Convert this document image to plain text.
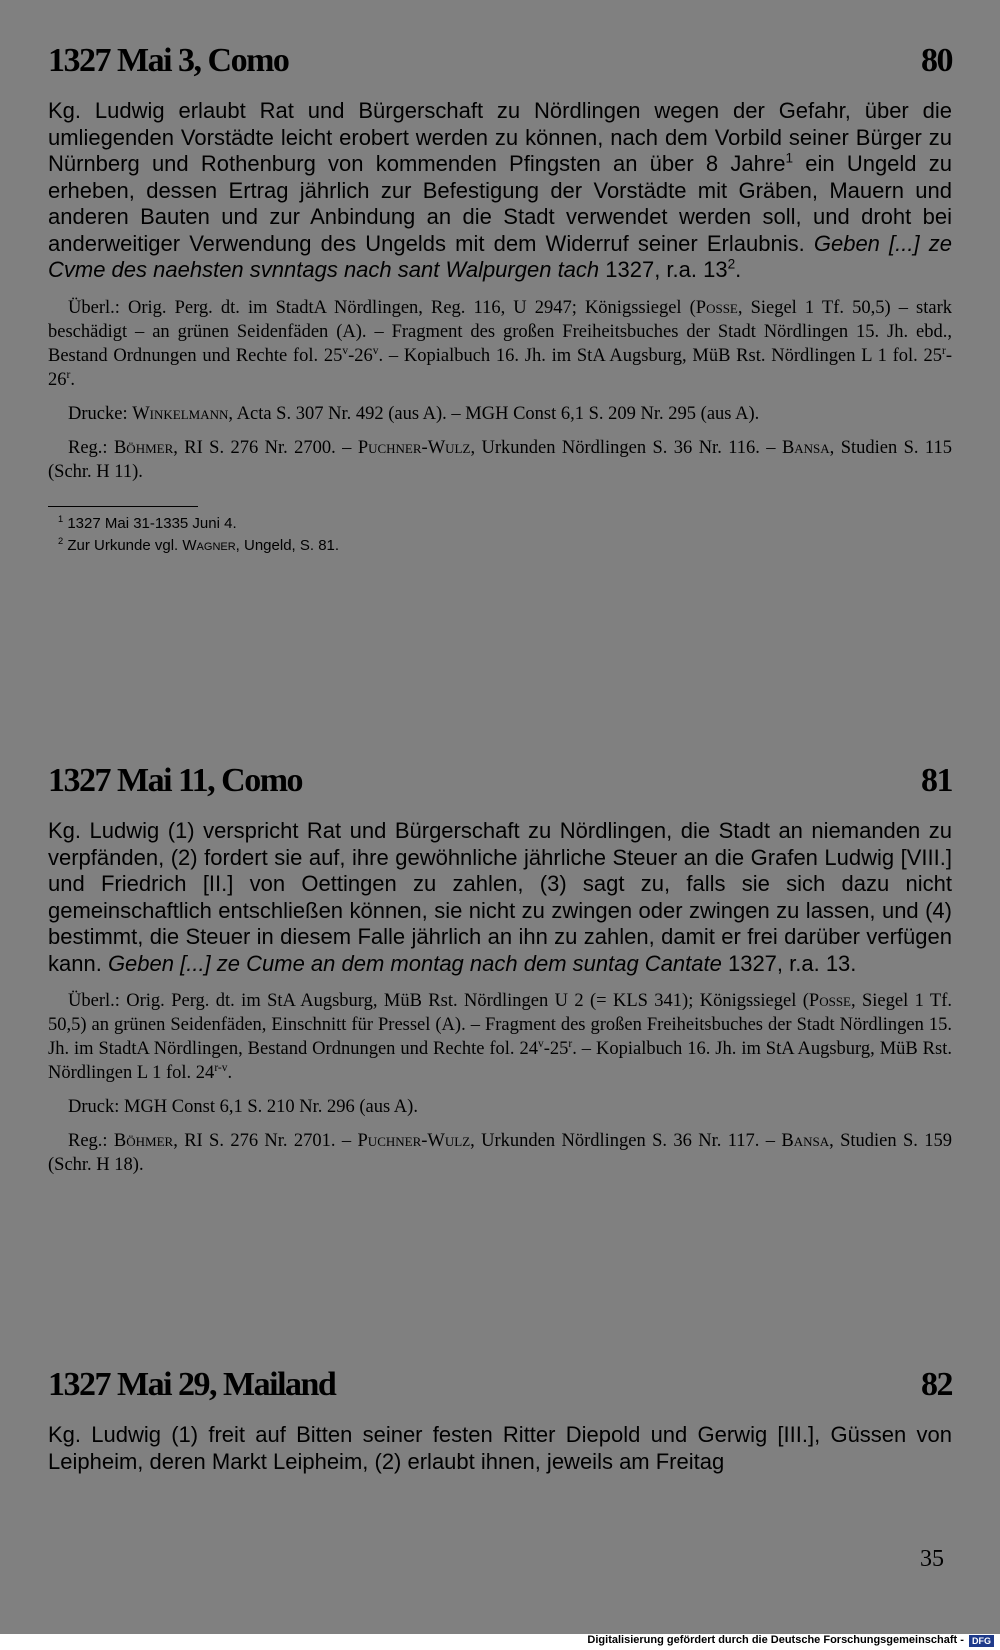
1327 Mai 3, Como	80

Kg. Ludwig erlaubt Rat und Bürgerschaft zu Nördlingen wegen der Gefahr, über die umliegenden Vorstädte leicht erobert werden zu können, nach dem Vorbild seiner Bürger zu Nürnberg und Rothenburg von kommenden Pfingsten an über 8 Jahre$^1$ ein Ungeld zu erheben, dessen Ertrag jährlich zur Befestigung der Vorstädte mit Gräben, Mauern und anderen Bauten und zur Anbindung an die Stadt verwendet werden soll, und droht bei anderweitiger Verwendung des Ungelds mit dem Widerruf seiner Erlaubnis. Geben [...] ze Cvme des naehsten svnntags nach sant Walpurgen tach 1327, r.a. $13^2$.

Überl.: Orig. Perg. dt. im StadtA Nördlingen, Reg. 116, U 2947; Königssiegel (Posse, Siegel 1 Tf. 50,5) – stark beschädigt – an grünen Seidenfäden (A). – Fragment des großen Freiheitsbuches der Stadt Nördlingen 15. Jh. ebd., Bestand Ordnungen und Rechte fol. 25$^v$-26$^v$. – Kopialbuch 16. Jh. im StA Augsburg, MüB Rst. Nördlingen L 1 fol. 25$^r$-26$^r$.

Drucke: Winkelmann, Acta S. 307 Nr. 492 (aus A). – MGH Const 6,1 S. 209 Nr. 295 (aus A).

Reg.: Böhmer, RI S. 276 Nr. 2700. – Puchner-Wulz, Urkunden Nördlingen S. 36 Nr. 116. – Bansa, Studien S. 115 (Schr. H 11).

$^1$ 1327 Mai 31-1335 Juni 4.

$^2$ Zur Urkunde vgl. Wagner, Ungeld, S. 81.

1327 Mai 11, Como	81

Kg. Ludwig (1) verspricht Rat und Bürgerschaft zu Nördlingen, die Stadt an niemanden zu verpfänden, (2) fordert sie auf, ihre gewöhnliche jährliche Steuer an die Grafen Ludwig [VIII.] und Friedrich [II.] von Oettingen zu zahlen, (3) sagt zu, falls sie sich dazu nicht gemeinschaftlich entschließen können, sie nicht zu zwingen oder zwingen zu lassen, und (4) bestimmt, die Steuer in diesem Falle jährlich an ihn zu zahlen, damit er frei darüber verfügen kann. Geben [...] ze Cume an dem montag nach dem suntag Cantate 1327, r.a. 13.

Überl.: Orig. Perg. dt. im StA Augsburg, MüB Rst. Nördlingen U 2 (= KLS 341); Königssiegel (Posse, Siegel 1 Tf. 50,5) an grünen Seidenfäden, Einschnitt für Pressel (A). – Fragment des großen Freiheitsbuches der Stadt Nördlingen 15. Jh. im StadtA Nördlingen, Bestand Ordnungen und Rechte fol. 24$^v$-25$^r$. – Kopialbuch 16. Jh. im StA Augsburg, MüB Rst. Nördlingen L 1 fol. 24$^{r-v}$.

Druck: MGH Const 6,1 S. 210 Nr. 296 (aus A).

Reg.: Böhmer, RI S. 276 Nr. 2701. – Puchner-Wulz, Urkunden Nördlingen S. 36 Nr. 117. – Bansa, Studien S. 159 (Schr. H 18).

1327 Mai 29, Mailand	82

Kg. Ludwig (1) freit auf Bitten seiner festen Ritter Diepold und Gerwig [III.], Güssen von Leipheim, deren Markt Leipheim, (2) erlaubt ihnen, jeweils am Freitag

35
Digitalisierung gefördert durch die Deutsche Forschungsgemeinschaft - DFG
